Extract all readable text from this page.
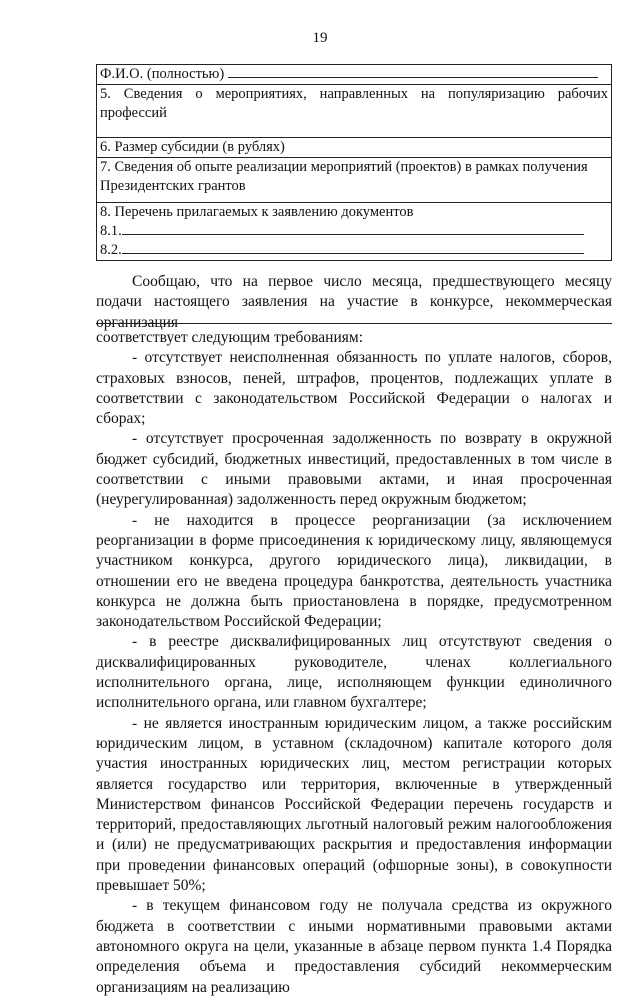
19
Ф.И.О. (полностью)
5. Сведения о мероприятиях, направленных на популяризацию рабочих профессий
6. Размер субсидии (в рублях)
7. Сведения об опыте реализации мероприятий (проектов) в рамках получения Президентских грантов

8. Перечень прилагаемых к заявлению документов
8.1.
8.2.

Сообщаю, что на первое число месяца, предшествующего месяцу подачи настоящего заявления на участие в конкурсе, некоммерческая организация

соответствует следующим требованиям:

- отсутствует неисполненная обязанность по уплате налогов, сборов, страховых взносов, пеней, штрафов, процентов, подлежащих уплате в соответствии с законодательством Российской Федерации о налогах и сборах;

- отсутствует просроченная задолженность по возврату в окружной бюджет субсидий, бюджетных инвестиций, предоставленных в том числе в соответствии с иными правовыми актами, и иная просроченная (неурегулированная) задолженность перед окружным бюджетом;

- не находится в процессе реорганизации (за исключением реорганизации в форме присоединения к юридическому лицу, являющемуся участником конкурса, другого юридического лица), ликвидации, в отношении его не введена процедура банкротства, деятельность участника конкурса не должна быть приостановлена в порядке, предусмотренном законодательством Российской Федерации;

- в реестре дисквалифицированных лиц отсутствуют сведения о дисквалифицированных руководителе, членах коллегиального исполнительного органа, лице, исполняющем функции единоличного исполнительного органа, или главном бухгалтере;

- не является иностранным юридическим лицом, а также российским юридическим лицом, в уставном (складочном) капитале которого доля участия иностранных юридических лиц, местом регистрации которых является государство или территория, включенные в утвержденный Министерством финансов Российской Федерации перечень государств и территорий, предоставляющих льготный налоговый режим налогообложения и (или) не предусматривающих раскрытия и предоставления информации при проведении финансовых операций (офшорные зоны), в совокупности превышает 50%;

- в текущем финансовом году не получала средства из окружного бюджета в соответствии с иными нормативными правовыми актами автономного округа на цели, указанные в абзаце первом пункта 1.4 Порядка определения объема и предоставления субсидий некоммерческим организациям на реализацию
